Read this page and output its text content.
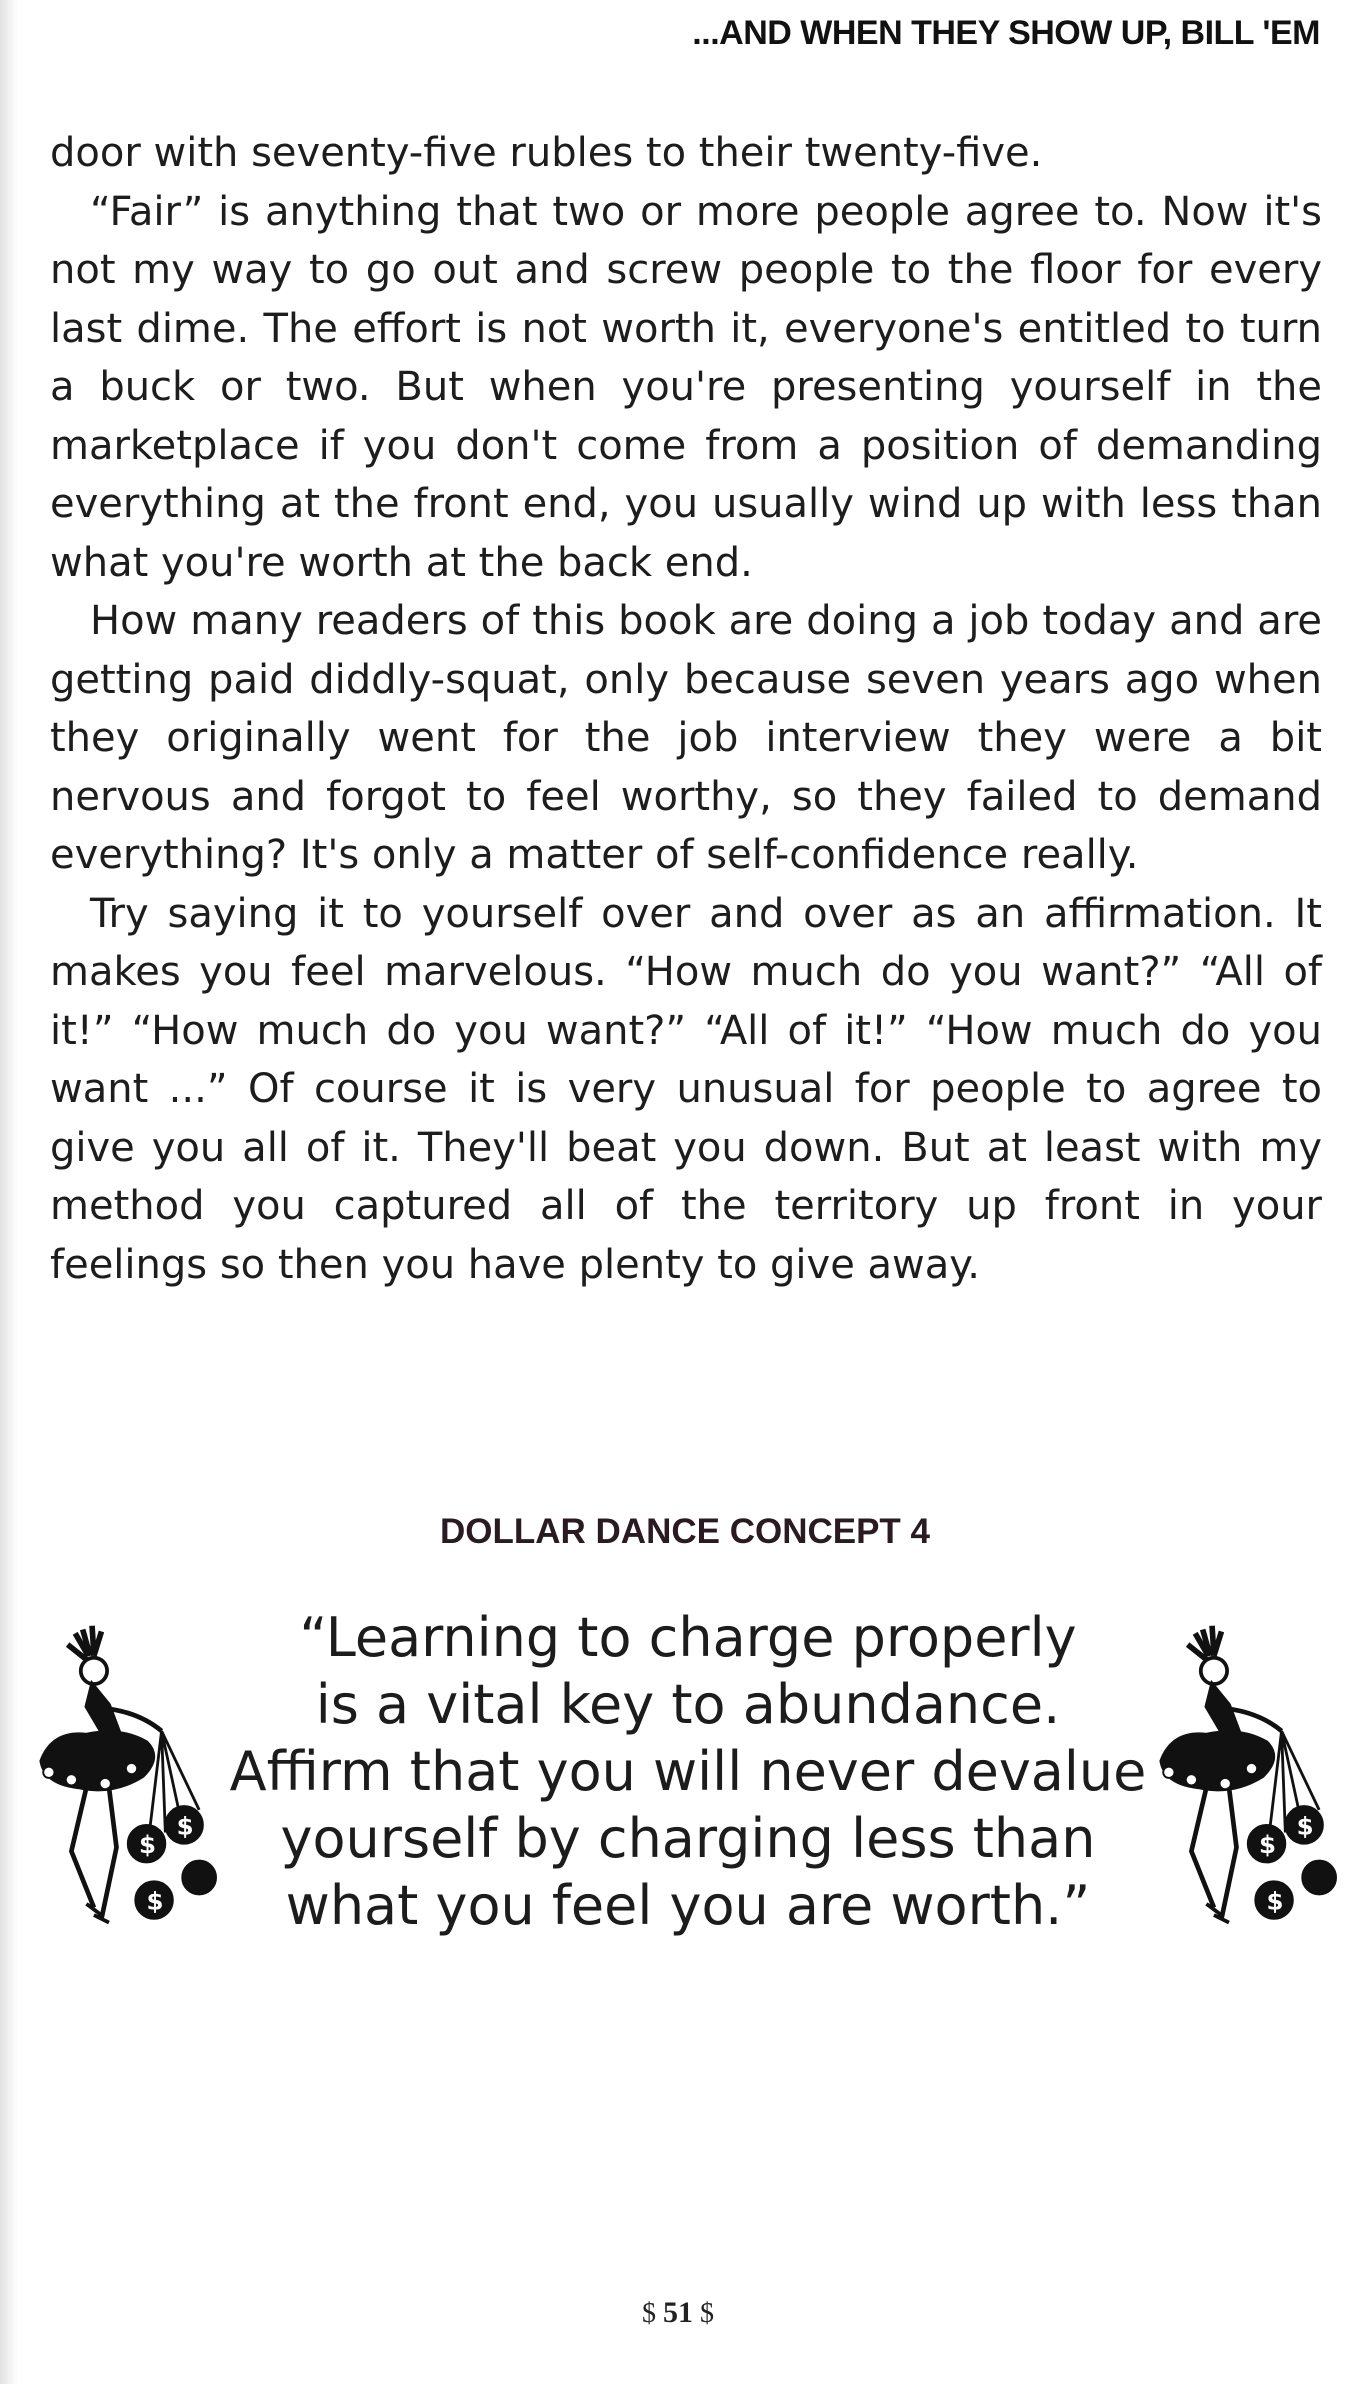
...AND WHEN THEY SHOW UP, BILL 'EM

door with seventy-five rubles to their twenty-five.

“Fair” is anything that two or more people agree to. Now it's not my way to go out and screw people to the floor for every last dime. The effort is not worth it, everyone's entitled to turn a buck or two. But when you're presenting yourself in the marketplace if you don't come from a position of demanding everything at the front end, you usually wind up with less than what you're worth at the back end.

How many readers of this book are doing a job today and are getting paid diddly-squat, only because seven years ago when they originally went for the job interview they were a bit nervous and forgot to feel worthy, so they failed to demand everything? It's only a matter of self-confidence really.

Try saying it to yourself over and over as an affirmation. It makes you feel marvelous. “How much do you want?” “All of it!” “How much do you want?” “All of it!” “How much do you want ...” Of course it is very unusual for people to agree to give you all of it. They'll beat you down. But at least with my method you captured all of the territory up front in your feelings so then you have plenty to give away.

DOLLAR DANCE CONCEPT 4
$
$
$

“Learning to charge properly

is a vital key to abundance.

Affirm that you will never devalue

yourself by charging less than

what you feel you are worth.”

$
$
$
$ 51 $
